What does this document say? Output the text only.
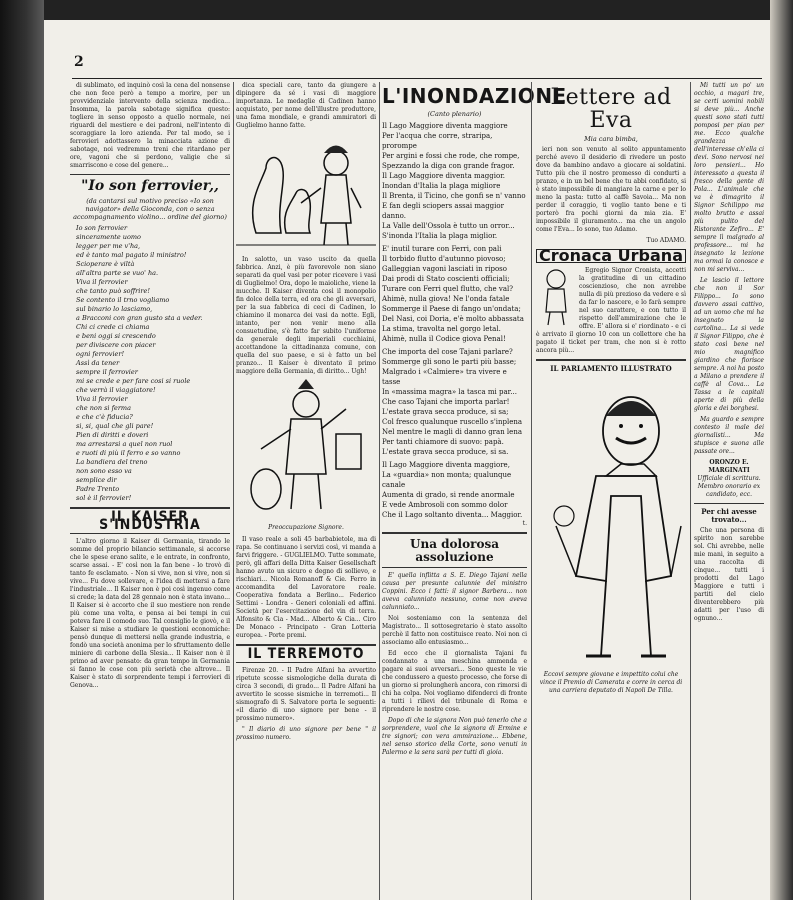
2

di sublimato, ed inquinò così la cena del nonsense che non fece però a tempo a morire, per un provvidenziale intervento della scienza medica... Insomma, la parola sabotage significa questo: togliere in senso opposto a quello normale, nei riguardi del mestiere e dei padroni, nell'intento di scoraggiare la loro azienda. Per tal modo, se i ferrovieri adottassero la minacciata azione di sabotage, noi vedremmo treni che ritardano per ore, vagoni che si perdono, valigie che si smarriscono e cose del genere...

"Io son ferrovier,,
(da cantarsi sul motivo preciso «Io son navigator» della Gioconda, con o senza accompagnamento violino... ordine del giorno)
Io son ferrovier
sinceramente uomo
legger per me v'ha,
ed è tanto mal pagato il ministro!
Scioperare è viltà
all'altra parte se vuo' ha.
Viva il ferrovier
che tanto può soffrire!
Se contento il trno vogliamo
sul binario lo lasciamo,
a Bracconi con gran gusto sta a veder.
Chi ci crede ci chiama
e beni oggi si crescendo
per diviscere con piacer
ogni ferrovier!
Assì da tener
sempre il ferrovier
mi se crede e per fare cosi si ruole
che verrà il viaggiatore!
Viva il ferrovier
che non si ferma
e che c'è fiducia?
si, si, qual che gli pare!
Pien di diritti e doveri
ma arrestarsi a quel non ruol
e ruoti di più il ferro e so vanno
La bandiera del treno
non sono esso va
semplice dir
Padre Trento
sol è il ferrovier!
IL KAISER S'INDUSTRIA

L'altro giorno il Kaiser di Germania, tirando le somme del proprio bilancio settimanale, si accorse che le spese erano salite, e le entrate, in confronto, scarse assai. - E' così non la fan bene - lo trovò di tanto fe esclamato. - Non si vive, non si vive, non si vive... Fu dove sollevare, e l'idea di mettersi a fare l'industriale... Il Kaiser non è poi così ingenuo come si crede; la data del 28 gennaio non è stata invano... Il Kaiser si è accorto che il suo mestiere non rende più come una volta, e pensa ai bei tempi in cui poteva fare il comodo suo. Tal consiglio le giovò, e il Kaiser si mise a studiare le questioni economiche: pensò dunque di mettersi nella grande industria, e fondò una società anonima per lo sfruttamento delle miniere di carbone della Slesia... Il Kaiser non è il primo ad aver pensato: da gran tempo in Germania si fanno le cose con più serietà che altrove... Il Kaiser è stato di sorprendente tempi i ferrovieri di Genova...

dica speciali care, tanto da giungere a dipingere da sé i vasi di maggiore importanza. Le medaglie di Cadinen hanno acquistato, per nome dell'illustre produttore, una fama mondiale, e grandi ammiratori di Guglielmo hanno fatte.

In salotto, un vaso uscito da quella fabbrica. Anzi, è più favorevole non siano separati da quel vasi per poter ricevere i vasi di Guglielmo! Ora, dopo le maioliche, viene la mucche. Il Kaiser diventa così il monopolio fin dolce della terra, ed ora che gli avversari, per la sua fabbrica di ceci di Cadinen, lo chiamino il monarca dei vasi da notte. Egli, intanto, per non venir meno alla consuetudine, s'è fatto far subito l'uniforme da generale degli imperiali cucchiaini, accettandone la cittadinanza comune, con quella del suo paese, e si è fatto un bel pranzo... Il Kaiser è diventato il primo maggiore della Germania, di diritto... Ugh!

Preoccupazione Signore.

Il vaso reale a soli 45 barbabietole, ma di rapa. Se continuano i servizi così, vi manda a farvi friggere. - GUGLIELMO. Tutte sommate, però, gli affari della Ditta Kaiser Gesellschaft hanno avuto un sicuro e degno di sollievo, e rischiari... Nicola Romanoff & Cie. Ferro in accomandita del Lavoratore reale. Cooperativa fondata a Berlino... Federico Settimi - Londra - Generi coloniali ed affini. Società per l'esercitazione del vin di terra. Alfonsito & Cia - Mad... Alberto & Cia... Ciro De Monaco - Principato - Gran Lotteria europea. - Porte premi.

IL TERREMOTO

Firenze 20. - Il Padre Alfani ha avvertito ripetute scosse sismologiche della durata di circa 3 secondi, di grado... Il Padre Alfani ha avvertito le scosse sismiche in terremoti... Il sismografo di S. Salvatore porta le seguenti: «il diario di uno signore per bene - il prossimo numero».

" Il diario di uno signore per bene " il prossimo numero.

L'INONDAZIONE
(Canto plenario)
Il Lago Maggiore diventa maggiore
Per l'acqua che corre, straripa, prorompe
Per argini e fossi che rode, che rompe,
Spezzando la diga con grande fragor.
Il Lago Maggiore diventa maggior.
Inondan d'Italia la plaga migliore
Il Brenta, il Ticino, che gonfi se n' vanno
E fan degli sciopers assai maggior danno.
La Valle dell'Ossola è tutto un orror...
S'inonda l'Italia la plaga miglior.
E' inutil turare con Ferri, con pali
Il torbido flutto d'autunno piovoso;
Galleggian vagoni lasciati in riposo
Dai prodi di Stato coscienti officiali;
Turare con Ferri quel flutto, che val?
Ahimè, nulla giova! Ne l'onda fatale
Sommerge il Paese di fango un'ondata;
Del Nasi, coi Doria, e'è molto abbassata
La stima, travolta nel gorgo letal.
Ahimè, nulla il Codice giova Penal!
Che importa del cose Tajani parlare?
Sommerge gli sono le parti più basse;
Malgrado i «Calmiere» tra vivere e tasse
In «massima magra» la tasca mi par...
Che caso Tajani che importa parlar!
L'estate grava secca produce, si sa;
Col fresco qualunque ruscello s'inplena
Nel mentre le magli di danno gran lena
Per tanti chiamore di suovo: papà.
L'estate grava secca produce, si sa.
Il Lago Maggiore diventa maggiore,
La «guardia» non monta; qualunque canale
Aumenta di grado, si rende anormale
E vede Ambrosoli con sommo dolor
Che il Lago soltanto diventa... Maggior.
t.
Una dolorosa assoluzione

E' quella inflitta a S. E. Diego Tajani nella causa per presunte calunnie del ministro Coppini. Ecco i fatti: il signor Barbera... non aveva calunniato nessuno, come non aveva calunniato...

Noi sosteniamo con la sentenza del Magistrato... Il sottosegretario è stato assolto perchè il fatto non costituisce reato. Noi non ci associamo allo entusiasmo...

Ed ecco che il giornalista Tajani fu condannato a una meschina ammenda e pagare ai suoi avversari... Sono queste le vie che condussero a questo processo, che forse di un giorno si prolungherà ancora, con rimorsi di chi ha colpa. Noi vogliamo difenderci di fronte a tutti i rilievi del tribunale di Roma e riprendere le nostre cose.

Dopo di che la signora Non può tenerlo che a sorprendere, vuol che la signora di Ermine e tre signori; con vera ammirazione... Ebbene, nel senso storico della Corte, sono venuti in Palermo e la sera sarà per tutti di gioia.

Lettere ad Eva
Mia cara bimba,

ieri non son venuto al solito appuntamento perché avevo il desiderio di rivedere un posto dove da bambino andavo a giocare ai soldatini. Tutto più che il nostro promesso di condurti a pranzo, e in un bel bene che tu abbi confidato, si è stato impossibile di mangiare la carne e per lo meno la pasta: tutto al caffè Savoia... Ma non perder il coraggio, ti voglio tanto bene e ti porterò fra pochi giorni da mia zia. E' impossibile il giuramento... ma che un angolo come l'Eva... Io sono, tuo Adamo.

Tuo ADAMO.
Cronaca Urbana

Egregio Signor Cronista, accetti la gratitudine di un cittadino coscienzioso, che non avrebbe nulla di più prezioso da vedere e sì da far lo nascere, e lo farà sempre nel suo carattere, e con tutto il rispetto dell'ammirazione che le offre. E' allora si e' riordinato - e ci è arrivato il giorno 10 con un collettore che ha pagato il ticket per tram, che non si è rotto ancora più...

IL PARLAMENTO ILLUSTRATO
Eccovi sempre giovane e impettito colui che vince il Premio di Camerata e corre in cerca di una carriera deputato di Napoli De Tilla.

Mi tutti un po' un occhio, a magari tre, se certi uomini nobili si deve più... Anche questi sono stati tutti pomposi per pian per me. Ecco qualche grandezza dell'interesse ch'ella ci devi. Sono nervosi nei loro pensieri... Ho interessato a questa il fresco della gente di Pola... L'animale che va è dimagrito il Signor Schilippo ma molto brutto e assai più pulito del Ristorante Zefiro... E' sempre lì malgrado al professore... mi ha insegnato la lezione ma ormai la conosce e non mi serviva...

Le lascio il lettore che non il Sor Filippo... Io sono davvero assai cattivo, ad un uomo che mi ha insegnato la cartolina... La si vede il Signor Filippo, che è stato così bene nel mio magnifico giardino che fiorisce sempre. A noi ha posto a Milano a prendere il caffè al Cova... La Tassa a le capitali aperte di più della gloria e dei borghesi.

Ma guardo e sempre contesto il male dei giornalisti... Ma stupisce e suona alle passate ore...

ORONZO E. MARGINATI
Ufficiale di scrittura. Membro onorario ex candidato, ecc.
Per chi avesse trovato...

Che una persona di spirito non sarebbe sol. Chi avrebbe, nelle mie mani, in seguito a una raccolta di cinque... tutti i prodotti del Lago Maggiore e tutti i partiti del cielo diventerebbero più adatti per l'uso di ognuno...
